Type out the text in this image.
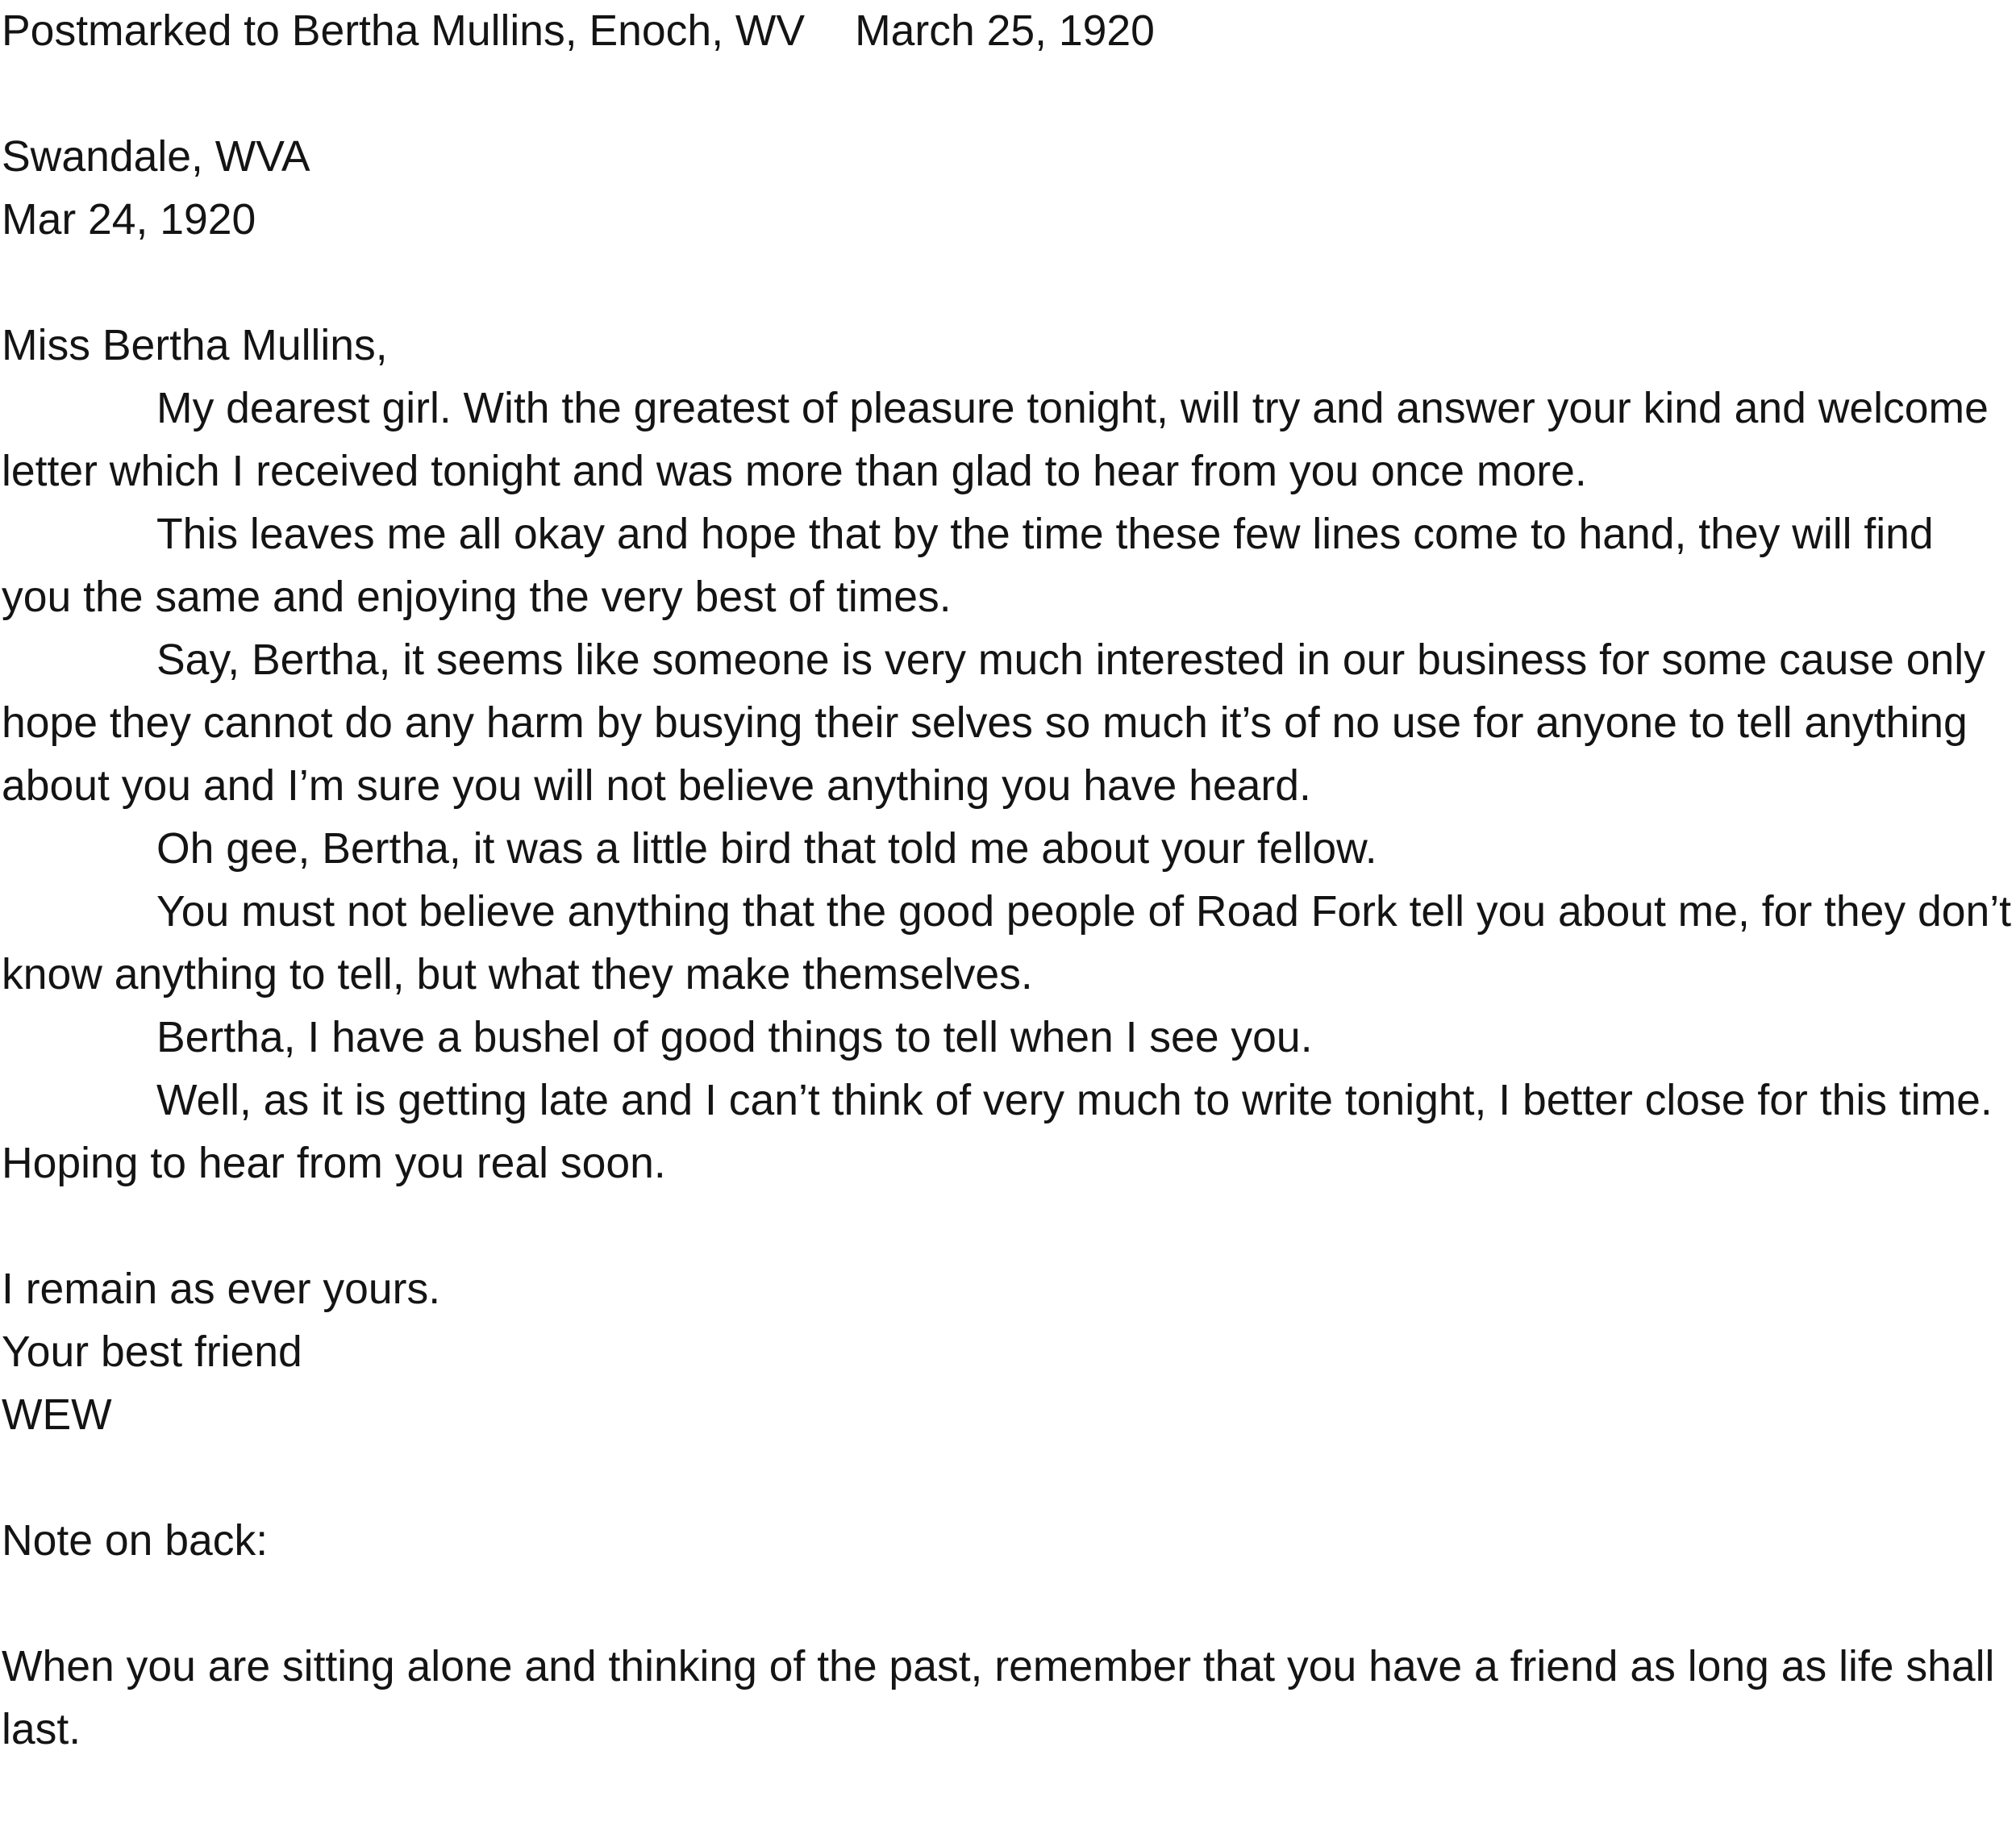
Postmarked to Bertha Mullins, Enoch, WV March 25, 1920
Swandale, WVA
Mar 24, 1920
Miss Bertha Mullins,
My dearest girl. With the greatest of pleasure tonight, will try and answer your kind and welcome letter which I received tonight and was more than glad to hear from you once more.
This leaves me all okay and hope that by the time these few lines come to hand, they will find you the same and enjoying the very best of times.
Say, Bertha, it seems like someone is very much interested in our business for some cause only hope they cannot do any harm by busying their selves so much it’s of no use for anyone to tell anything about you and I’m sure you will not believe anything you have heard.
Oh gee, Bertha, it was a little bird that told me about your fellow.
You must not believe anything that the good people of Road Fork tell you about me, for they don’t know anything to tell, but what they make themselves.
Bertha, I have a bushel of good things to tell when I see you.
Well, as it is getting late and I can’t think of very much to write tonight, I better close for this time. Hoping to hear from you real soon.
I remain as ever yours.
Your best friend
WEW
Note on back:
When you are sitting alone and thinking of the past, remember that you have a friend as long as life shall last.
